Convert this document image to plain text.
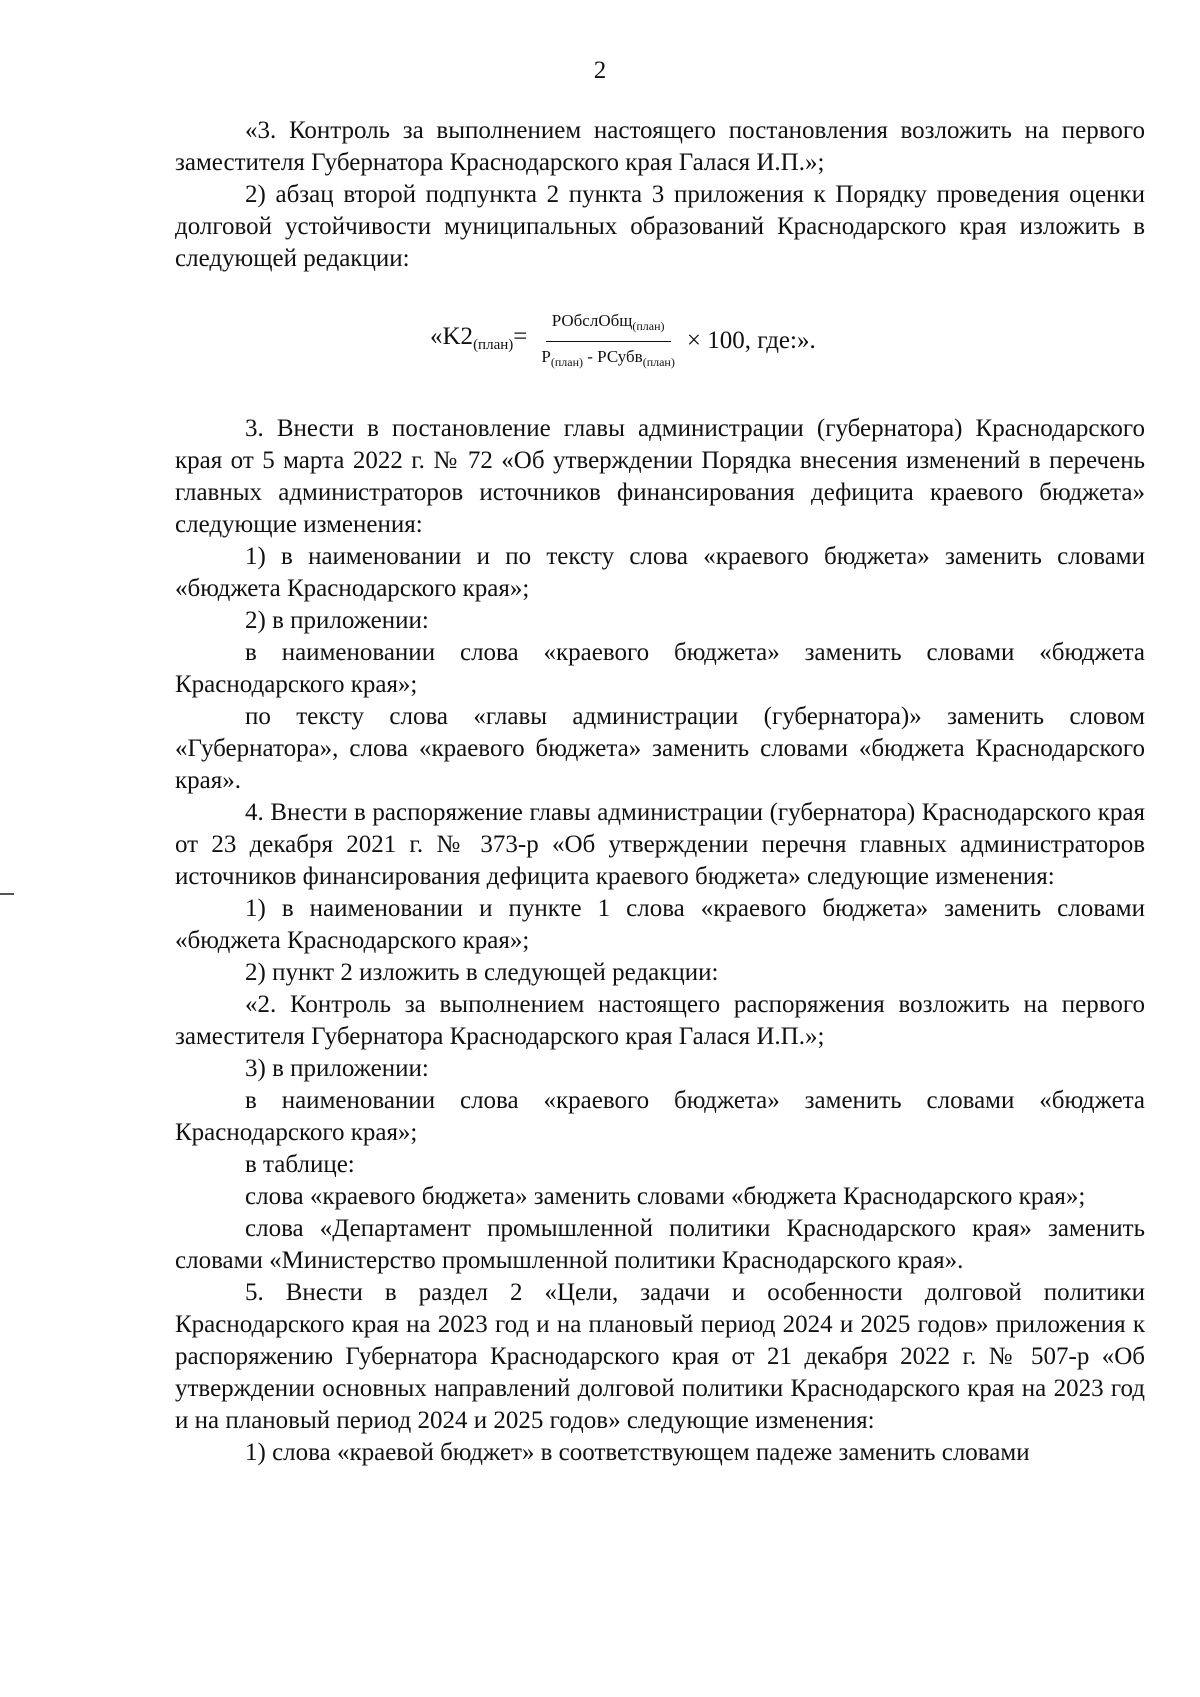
2

«3. Контроль за выполнением настоящего постановления возложить на первого заместителя Губернатора Краснодарского края Галася И.П.»;

2) абзац второй подпункта 2 пункта 3 приложения к Порядку проведения оценки долговой устойчивости муниципальных образований Краснодарского края изложить в следующей редакции:

«$K2_{(план)}= \frac{РОбслОбщ_{(план)}}{Р_{(план)} - РСубв_{(план)}} \times 100$, где:».

3. Внести в постановление главы администрации (губернатора) Краснодарского края от 5 марта 2022 г. № 72 «Об утверждении Порядка внесения изменений в перечень главных администраторов источников финансирования дефицита краевого бюджета» следующие изменения:

1) в наименовании и по тексту слова «краевого бюджета» заменить словами «бюджета Краснодарского края»;

2) в приложении:

в наименовании слова «краевого бюджета» заменить словами «бюджета Краснодарского края»;

по тексту слова «главы администрации (губернатора)» заменить словом «Губернатора», слова «краевого бюджета» заменить словами «бюджета Краснодарского края».

4. Внести в распоряжение главы администрации (губернатора) Краснодарского края от 23 декабря 2021 г. № 373-р «Об утверждении перечня главных администраторов источников финансирования дефицита краевого бюджета» следующие изменения:

1) в наименовании и пункте 1 слова «краевого бюджета» заменить словами «бюджета Краснодарского края»;

2) пункт 2 изложить в следующей редакции:

«2. Контроль за выполнением настоящего распоряжения возложить на первого заместителя Губернатора Краснодарского края Галася И.П.»;

3) в приложении:

в наименовании слова «краевого бюджета» заменить словами «бюджета Краснодарского края»;

в таблице:

слова «краевого бюджета» заменить словами «бюджета Краснодарского края»;

слова «Департамент промышленной политики Краснодарского края» заменить словами «Министерство промышленной политики Краснодарского края».

5. Внести в раздел 2 «Цели, задачи и особенности долговой политики Краснодарского края на 2023 год и на плановый период 2024 и 2025 годов» приложения к распоряжению Губернатора Краснодарского края от 21 декабря 2022 г. № 507-р «Об утверждении основных направлений долговой политики Краснодарского края на 2023 год и на плановый период 2024 и 2025 годов» следующие изменения:

1) слова «краевой бюджет» в соответствующем падеже заменить словами
